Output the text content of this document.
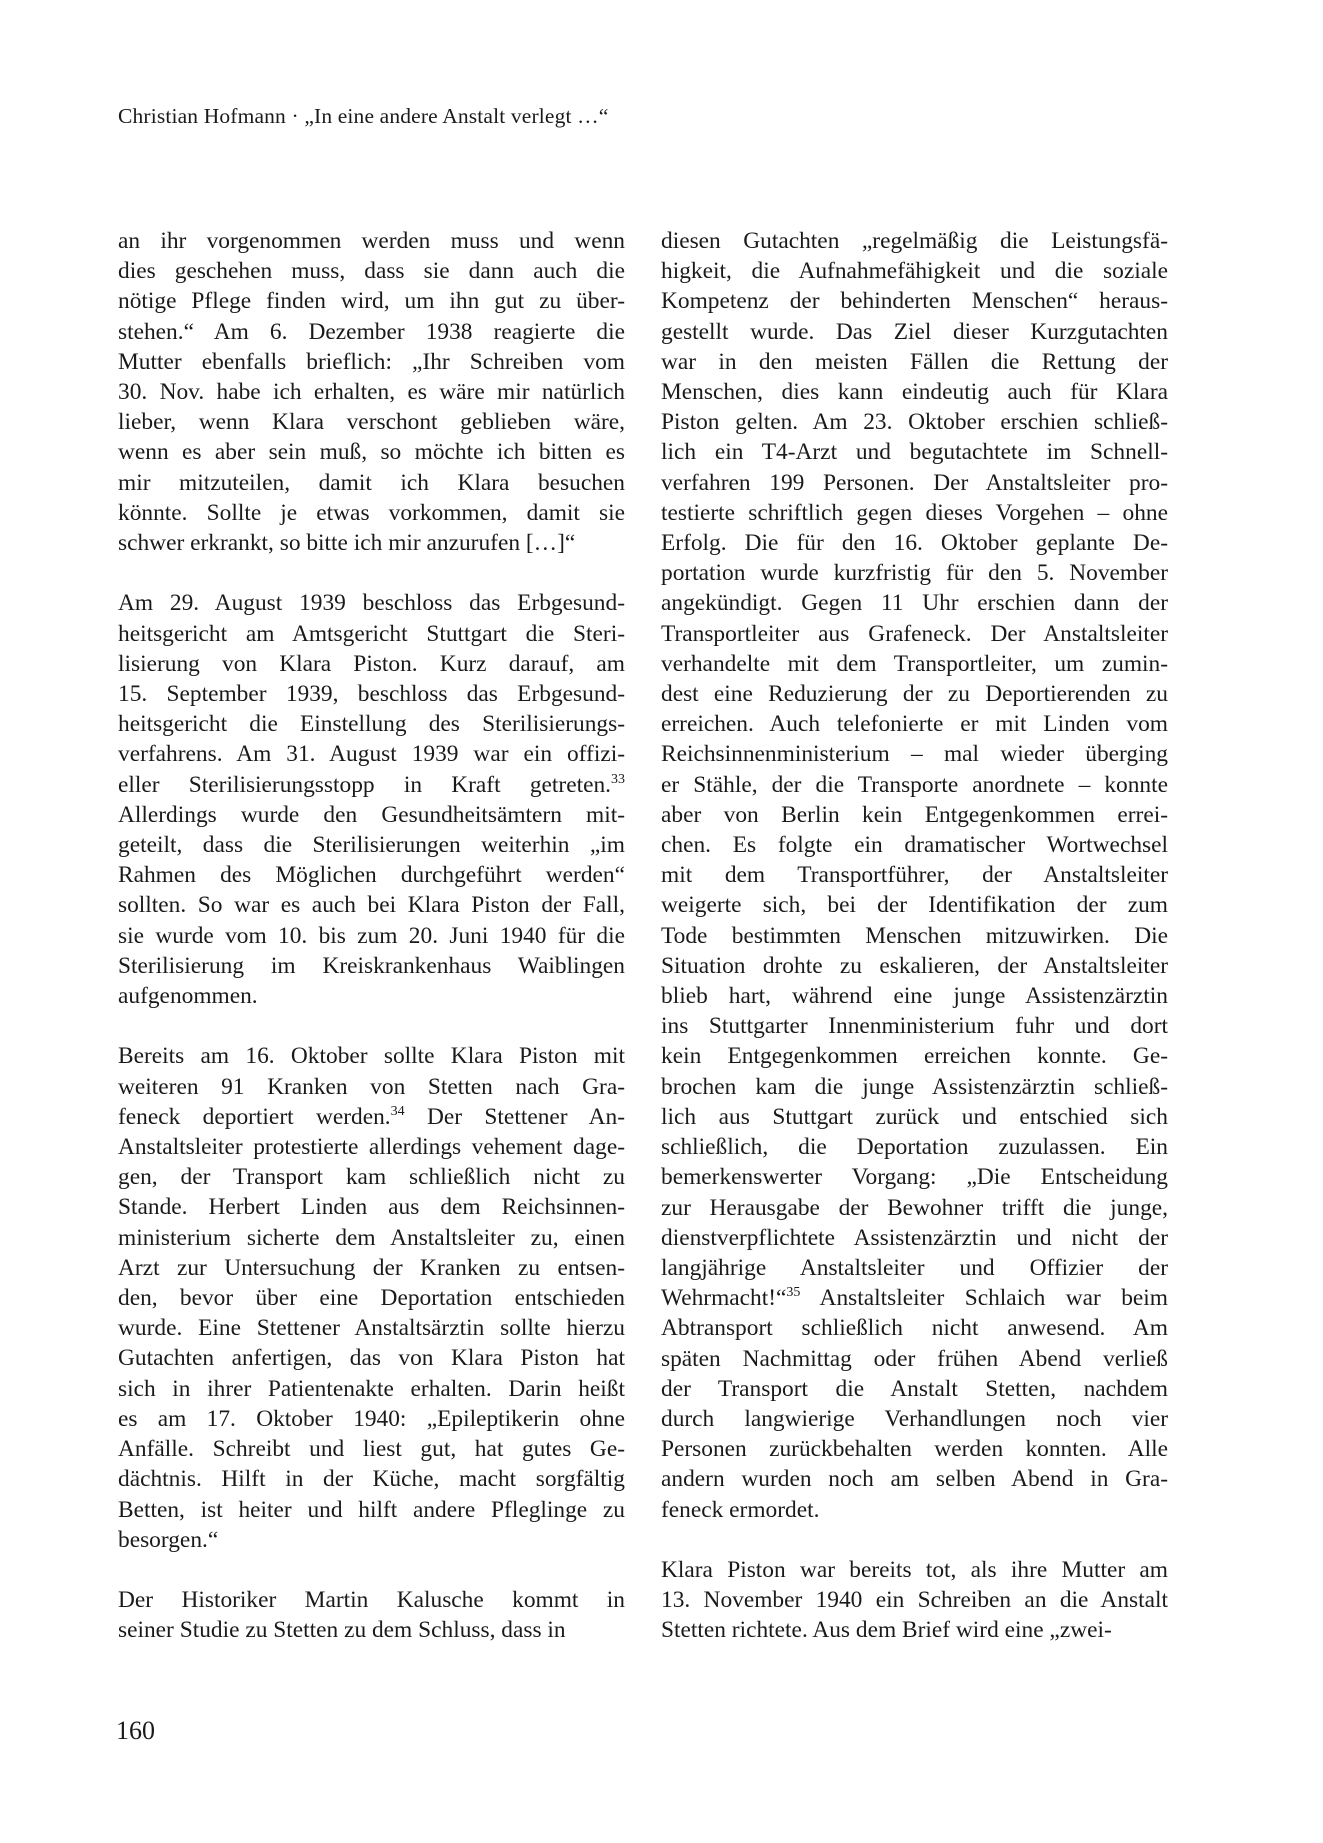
Christian Hofmann · „In eine andere Anstalt verlegt …“
an ihr vorgenommen werden muss und wenn
dies geschehen muss, dass sie dann auch die
nötige Pflege finden wird, um ihn gut zu über-
stehen.“ Am 6. Dezember 1938 reagierte die
Mutter ebenfalls brieflich: „Ihr Schreiben vom
30. Nov. habe ich erhalten, es wäre mir natürlich
lieber, wenn Klara verschont geblieben wäre,
wenn es aber sein muß, so möchte ich bitten es
mir mitzuteilen, damit ich Klara besuchen
könnte. Sollte je etwas vorkommen, damit sie
schwer erkrankt, so bitte ich mir anzurufen […]“
Am 29. August 1939 beschloss das Erbgesund-
heitsgericht am Amtsgericht Stuttgart die Steri-
lisierung von Klara Piston. Kurz darauf, am
15. September 1939, beschloss das Erbgesund-
heitsgericht die Einstellung des Sterilisierungs-
verfahrens. Am 31. August 1939 war ein offizi-
eller Sterilisierungsstopp in Kraft getreten.$^{33}$
Allerdings wurde den Gesundheitsämtern mit-
geteilt, dass die Sterilisierungen weiterhin „im
Rahmen des Möglichen durchgeführt werden“
sollten. So war es auch bei Klara Piston der Fall,
sie wurde vom 10. bis zum 20. Juni 1940 für die
Sterilisierung im Kreiskrankenhaus Waiblingen
aufgenommen.
Bereits am 16. Oktober sollte Klara Piston mit
weiteren 91 Kranken von Stetten nach Gra-
feneck deportiert werden.$^{34}$ Der Stettener An-
Anstaltsleiter protestierte allerdings vehement dage-
gen, der Transport kam schließlich nicht zu
Stande. Herbert Linden aus dem Reichsinnen-
ministerium sicherte dem Anstaltsleiter zu, einen
Arzt zur Untersuchung der Kranken zu entsen-
den, bevor über eine Deportation entschieden
wurde. Eine Stettener Anstaltsärztin sollte hierzu
Gutachten anfertigen, das von Klara Piston hat
sich in ihrer Patientenakte erhalten. Darin heißt
es am 17. Oktober 1940: „Epileptikerin ohne
Anfälle. Schreibt und liest gut, hat gutes Ge-
dächtnis. Hilft in der Küche, macht sorgfältig
Betten, ist heiter und hilft andere Pfleglinge zu
besorgen.“
Der Historiker Martin Kalusche kommt in
seiner Studie zu Stetten zu dem Schluss, dass in
diesen Gutachten „regelmäßig die Leistungsfä-
higkeit, die Aufnahmefähigkeit und die soziale
Kompetenz der behinderten Menschen“ heraus-
gestellt wurde. Das Ziel dieser Kurzgutachten
war in den meisten Fällen die Rettung der
Menschen, dies kann eindeutig auch für Klara
Piston gelten. Am 23. Oktober erschien schließ-
lich ein T4-Arzt und begutachtete im Schnell-
verfahren 199 Personen. Der Anstaltsleiter pro-
testierte schriftlich gegen dieses Vorgehen – ohne
Erfolg. Die für den 16. Oktober geplante De-
portation wurde kurzfristig für den 5. November
angekündigt. Gegen 11 Uhr erschien dann der
Transportleiter aus Grafeneck. Der Anstaltsleiter
verhandelte mit dem Transportleiter, um zumin-
dest eine Reduzierung der zu Deportierenden zu
erreichen. Auch telefonierte er mit Linden vom
Reichsinnenministerium – mal wieder überging
er Stähle, der die Transporte anordnete – konnte
aber von Berlin kein Entgegenkommen errei-
chen. Es folgte ein dramatischer Wortwechsel
mit dem Transportführer, der Anstaltsleiter
weigerte sich, bei der Identifikation der zum
Tode bestimmten Menschen mitzuwirken. Die
Situation drohte zu eskalieren, der Anstaltsleiter
blieb hart, während eine junge Assistenzärztin
ins Stuttgarter Innenministerium fuhr und dort
kein Entgegenkommen erreichen konnte. Ge-
brochen kam die junge Assistenzärztin schließ-
lich aus Stuttgart zurück und entschied sich
schließlich, die Deportation zuzulassen. Ein
bemerkenswerter Vorgang: „Die Entscheidung
zur Herausgabe der Bewohner trifft die junge,
dienstverpflichtete Assistenzärztin und nicht der
langjährige Anstaltsleiter und Offizier der
Wehrmacht!“$^{35}$ Anstaltsleiter Schlaich war beim
Abtransport schließlich nicht anwesend. Am
späten Nachmittag oder frühen Abend verließ
der Transport die Anstalt Stetten, nachdem
durch langwierige Verhandlungen noch vier
Personen zurückbehalten werden konnten. Alle
andern wurden noch am selben Abend in Gra-
feneck ermordet.
Klara Piston war bereits tot, als ihre Mutter am
13. November 1940 ein Schreiben an die Anstalt
Stetten richtete. Aus dem Brief wird eine „zwei-
160
